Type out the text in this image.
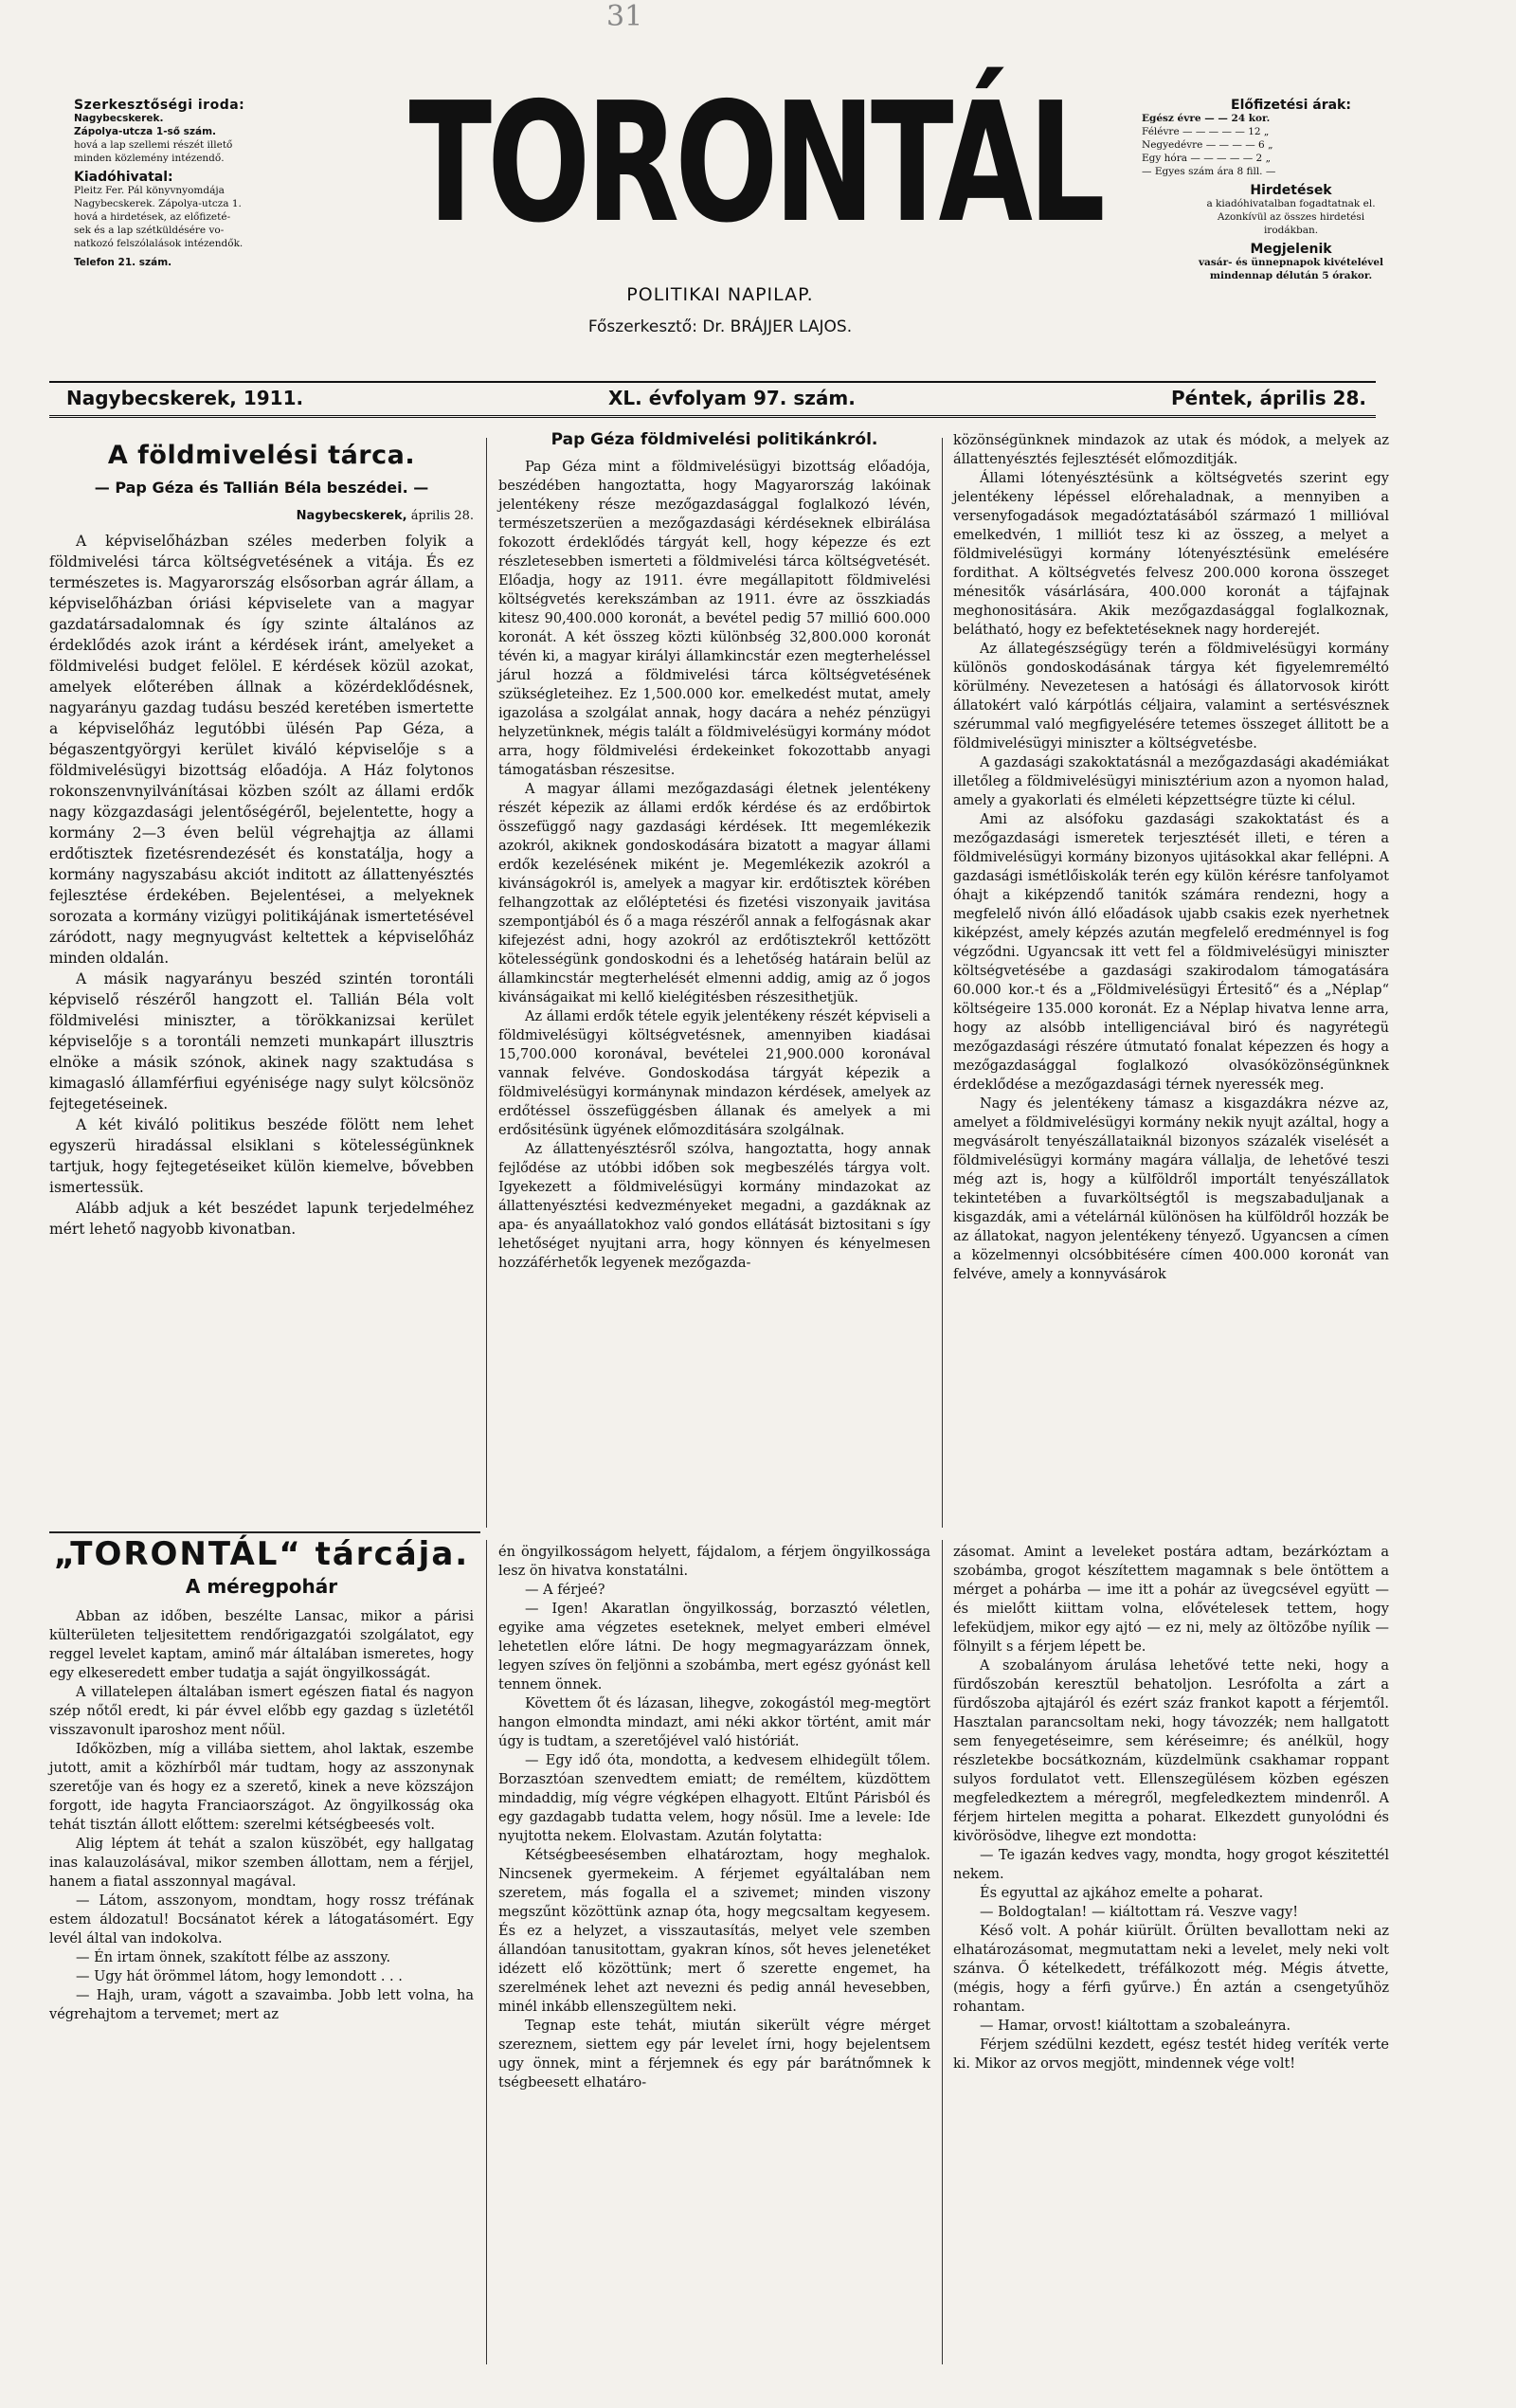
31
Szerkesztőségi iroda:
Nagybecskerek.
Zápolya-utcza 1-ső szám.
hová a lap szellemi részét illető
minden közlemény intézendő.
Kiadóhivatal:
Pleitz Fer. Pál könyvnyomdája
Nagybecskerek. Zápolya-utcza 1.
hová a hirdetések, az előfizeté-
sek és a lap szétküldésére vo-
natkozó felszólalások intézendők.
Telefon 21. szám.
TORONTÁL
POLITIKAI NAPILAP.
Főszerkesztő: Dr. BRÁJJER LAJOS.
Előfizetési árak:
Egész évre — — 24 kor.
Félévre — — — — — 12 „
Negyedévre — — — — 6 „
Egy hóra — — — — — 2 „
— Egyes szám ára 8 fill. —
Hirdetések
a kiadóhivatalban fogadtatnak el.
Azonkívül az összes hirdetési
irodákban.
Megjelenik
vasár- és ünnepnapok kivételével
mindennap délután 5 órakor.
Nagybecskerek, 1911.	XL. évfolyam 97. szám.	Péntek, április 28.
A földmivelési tárca.
— Pap Géza és Tallián Béla beszédei. —
Nagybecskerek, április 28.

A képviselőházban széles mederben folyik a földmivelési tárca költségvetésének a vitája. És ez természetes is. Magyarország elsősorban agrár állam, a képviselőházban óriási képviselete van a magyar gazdatársadalomnak és így szinte általános az érdeklődés azok iránt a kérdések iránt, amelyeket a földmivelési budget felölel. E kérdések közül azokat, amelyek előterében állnak a közérdeklődésnek, nagyarányu gazdag tudásu beszéd keretében ismertette a képviselőház legutóbbi ülésén Pap Géza, a bégaszentgyörgyi kerület kiváló képviselője s a földmivelésügyi bizottság előadója. A Ház folytonos rokonszenvnyilvánításai közben szólt az állami erdők nagy közgazdasági jelentőségéről, bejelentette, hogy a kormány 2—3 éven belül végrehajtja az állami erdőtisztek fizetésrendezését és konstatálja, hogy a kormány nagyszabásu akciót inditott az állattenyésztés fejlesztése érdekében. Bejelentései, a melyeknek sorozata a kormány vizügyi politikájának ismertetésével záródott, nagy megnyugvást keltettek a képviselőház minden oldalán.

A másik nagyarányu beszéd szintén torontáli képviselő részéről hangzott el. Tallián Béla volt földmivelési miniszter, a törökkanizsai kerület képviselője s a torontáli nemzeti munkapárt illusztris elnöke a másik szónok, akinek nagy szaktudása s kimagasló államférfiui egyénisége nagy sulyt kölcsönöz fejtegetéseinek.

A két kiváló politikus beszéde fölött nem lehet egyszerü hiradással elsiklani s kötelességünknek tartjuk, hogy fejtegetéseiket külön kiemelve, bővebben ismertessük.

Alább adjuk a két beszédet lapunk terjedelméhez mért lehető nagyobb kivonatban.

Pap Géza földmivelési politikánkról.

Pap Géza mint a földmivelésügyi bizottság előadója, beszédében hangoztatta, hogy Magyarország lakóinak jelentékeny része mezőgazdasággal foglalkozó lévén, természetszerüen a mezőgazdasági kérdéseknek elbirálása fokozott érdeklődés tárgyát kell, hogy képezze és ezt részletesebben ismerteti a földmivelési tárca költségvetését. Előadja, hogy az 1911. évre megállapitott földmivelési költségvetés kerekszámban az 1911. évre az összkiadás kitesz 90,400.000 koronát, a bevétel pedig 57 millió 600.000 koronát. A két összeg közti különbség 32,800.000 koronát tévén ki, a magyar királyi államkincstár ezen megterheléssel járul hozzá a földmivelési tárca költségvetésének szükségleteihez. Ez 1,500.000 kor. emelkedést mutat, amely igazolása a szolgálat annak, hogy dacára a nehéz pénzügyi helyzetünknek, mégis talált a földmivelésügyi kormány módot arra, hogy földmivelési érdekeinket fokozottabb anyagi támogatásban részesitse.

A magyar állami mezőgazdasági életnek jelentékeny részét képezik az állami erdők kérdése és az erdőbirtok összefüggő nagy gazdasági kérdések. Itt megemlékezik azokról, akiknek gondoskodására bizatott a magyar állami erdők kezelésének miként je. Megemlékezik azokról a kivánságokról is, amelyek a magyar kir. erdőtisztek körében felhangzottak az előléptetési és fizetési viszonyaik javitása szempontjából és ő a maga részéről annak a felfogásnak akar kifejezést adni, hogy azokról az erdőtisztekről kettőzött kötelességünk gondoskodni és a lehetőség határain belül az államkincstár megterhelését elmenni addig, amig az ő jogos kivánságaikat mi kellő kielégitésben részesithetjük.

Az állami erdők tétele egyik jelentékeny részét képviseli a földmivelésügyi költségvetésnek, amennyiben kiadásai 15,700.000 koronával, bevételei 21,900.000 koronával vannak felvéve. Gondoskodása tárgyát képezik a földmivelésügyi kormánynak mindazon kérdések, amelyek az erdőtéssel összefüggésben állanak és amelyek a mi erdősitésünk ügyének előmozditására szolgálnak.

Az állattenyésztésről szólva, hangoztatta, hogy annak fejlődése az utóbbi időben sok megbeszélés tárgya volt. Igyekezett a földmivelésügyi kormány mindazokat az állattenyésztési kedvezményeket megadni, a gazdáknak az apa- és anyaállatokhoz való gondos ellátását biztositani s így lehetőséget nyujtani arra, hogy könnyen és kényelmesen hozzáférhetők legyenek mezőgazda-

közönségünknek mindazok az utak és módok, a melyek az állattenyésztés fejlesztését előmozditják.

Állami lótenyésztésünk a költségvetés szerint egy jelentékeny lépéssel előrehaladnak, a mennyiben a versenyfogadások megadóztatásából származó 1 millióval emelkedvén, 1 milliót tesz ki az összeg, a melyet a földmivelésügyi kormány lótenyésztésünk emelésére fordithat. A költségvetés felvesz 200.000 korona összeget ménesitők vásárlására, 400.000 koronát a tájfajnak meghonositására. Akik mezőgazdasággal foglalkoznak, belátható, hogy ez befektetéseknek nagy horderejét.

Az állategészségügy terén a földmivelésügyi kormány különös gondoskodásának tárgya két figyelemreméltó körülmény. Nevezetesen a hatósági és állatorvosok kirótt állatokért való kárpótlás céljaira, valamint a sertésvésznek szérummal való megfigyelésére tetemes összeget állitott be a földmivelésügyi miniszter a költségvetésbe.

A gazdasági szakoktatásnál a mezőgazdasági akadémiákat illetőleg a földmivelésügyi minisztérium azon a nyomon halad, amely a gyakorlati és elméleti képzettségre tüzte ki célul.

Ami az alsófoku gazdasági szakoktatást és a mezőgazdasági ismeretek terjesztését illeti, e téren a földmivelésügyi kormány bizonyos ujitásokkal akar fellépni. A gazdasági ismétlőiskolák terén egy külön kérésre tanfolyamot óhajt a kiképzendő tanitók számára rendezni, hogy a megfelelő nivón álló előadások ujabb csakis ezek nyerhetnek kiképzést, amely képzés azután megfelelő eredménnyel is fog végződni. Ugyancsak itt vett fel a földmivelésügyi miniszter költségvetésébe a gazdasági szakirodalom támogatására 60.000 kor.-t és a „Földmivelésügyi Értesitő“ és a „Néplap“ költségeire 135.000 koronát. Ez a Néplap hivatva lenne arra, hogy az alsóbb intelligenciával biró és nagyrétegü mezőgazdasági részére útmutató fonalat képezzen és hogy a mezőgazdasággal foglalkozó olvasóközönségünknek érdeklődése a mezőgazdasági térnek nyeressék meg.

Nagy és jelentékeny támasz a kisgazdákra nézve az, amelyet a földmivelésügyi kormány nekik nyujt azáltal, hogy a megvásárolt tenyészállataiknál bizonyos százalék viselését a földmivelésügyi kormány magára vállalja, de lehetővé teszi még azt is, hogy a külföldről importált tenyészállatok tekintetében a fuvarköltségtől is megszabaduljanak a kisgazdák, ami a vételárnál különösen ha külföldről hozzák be az állatokat, nagyon jelentékeny tényező. Ugyancsen a címen a közelmennyi olcsóbbitésére címen 400.000 koronát van felvéve, amely a konnyvásárok

„TORONTÁL“ tárcája.
A méregpohár

Abban az időben, beszélte Lansac, mikor a párisi külterületen teljesitettem rendőrigazgatói szolgálatot, egy reggel levelet kaptam, aminő már általában ismeretes, hogy egy elkeseredett ember tudatja a saját öngyilkosságát.

A villatelepen általában ismert egészen fiatal és nagyon szép nőtől eredt, ki pár évvel előbb egy gazdag s üzletétől visszavonult iparoshoz ment nőül.

Időközben, míg a villába siettem, ahol laktak, eszembe jutott, amit a közhírből már tudtam, hogy az asszonynak szeretője van és hogy ez a szerető, kinek a neve közszájon forgott, ide hagyta Franciaországot. Az öngyilkosság oka tehát tisztán állott előttem: szerelmi kétségbeesés volt.

Alig léptem át tehát a szalon küszöbét, egy hallgatag inas kalauzolásával, mikor szemben állottam, nem a férjjel, hanem a fiatal asszonnyal magával.

— Látom, asszonyom, mondtam, hogy rossz tréfának estem áldozatul! Bocsánatot kérek a látogatásomért. Egy levél által van indokolva.

— Én irtam önnek, szakított félbe az asszony.

— Ugy hát örömmel látom, hogy lemondott . . .

— Hajh, uram, vágott a szavaimba. Jobb lett volna, ha végrehajtom a tervemet; mert az

én öngyilkosságom helyett, fájdalom, a férjem öngyilkossága lesz ön hivatva konstatálni.

— A férjeé?

— Igen! Akaratlan öngyilkosság, borzasztó véletlen, egyike ama végzetes eseteknek, melyet emberi elmével lehetetlen előre látni. De hogy megmagyarázzam önnek, legyen szíves ön feljönni a szobámba, mert egész gyónást kell tennem önnek.

Követtem őt és lázasan, lihegve, zokogástól meg-megtört hangon elmondta mindazt, ami néki akkor történt, amit már úgy is tudtam, a szeretőjével való históriát.

— Egy idő óta, mondotta, a kedvesem elhidegült tőlem. Borzasztóan szenvedtem emiatt; de reméltem, küzdöttem mindaddig, míg végre végképen elhagyott. Eltűnt Párisból és egy gazdagabb tudatta velem, hogy nősül. Ime a levele: Ide nyujtotta nekem. Elolvastam. Azután folytatta:

Kétségbeesésemben elhatároztam, hogy meghalok. Nincsenek gyermekeim. A férjemet egyáltalában nem szeretem, más fogalla el a szivemet; minden viszony megszűnt közöttünk aznap óta, hogy megcsaltam kegyesem. És ez a helyzet, a visszautasítás, melyet vele szemben állandóan tanusitottam, gyakran kínos, sőt heves jelenetéket idézett elő közöttünk; mert ő szerette engemet, ha szerelmének lehet azt nevezni és pedig annál hevesebben, minél inkább ellenszegültem neki.

Tegnap este tehát, miután sikerült végre mérget szereznem, siettem egy pár levelet írni, hogy bejelentsem ugy önnek, mint a férjemnek és egy pár barátnőmnek k tségbeesett elhatáro-

zásomat. Amint a leveleket postára adtam, bezárkóztam a szobámba, grogot készítettem magamnak s bele öntöttem a mérget a pohárba — ime itt a pohár az üvegcsével együtt — és mielőtt kiittam volna, elővételesek tettem, hogy lefeküdjem, mikor egy ajtó — ez ni, mely az öltözőbe nyílik — fölnyilt s a férjem lépett be.

A szobalányom árulása lehetővé tette neki, hogy a fürdőszobán keresztül behatoljon. Lesrófolta a zárt a fürdőszoba ajtajáról és ezért száz frankot kapott a férjemtől. Hasztalan parancsoltam neki, hogy távozzék; nem hallgatott sem fenyegetéseimre, sem kéréseimre; és anélkül, hogy részletekbe bocsátkoznám, küzdelmünk csakhamar roppant sulyos fordulatot vett. Ellenszegülésem közben egészen megfeledkeztem a méregről, megfeledkeztem mindenről. A férjem hirtelen megitta a poharat. Elkezdett gunyolódni és kivörösödve, lihegve ezt mondotta:

— Te igazán kedves vagy, mondta, hogy grogot készitettél nekem.

És egyuttal az ajkához emelte a poharat.

— Boldogtalan! — kiáltottam rá. Veszve vagy!

Késő volt. A pohár kiürült. Őrülten bevallottam neki az elhatározásomat, megmutattam neki a levelet, mely neki volt szánva. Ő kételkedett, tréfálkozott még. Mégis átvette, (mégis, hogy a férfi gyűrve.) Én aztán a csengetyűhöz rohantam.

— Hamar, orvost! kiáltottam a szobaleányra.

Férjem szédülni kezdett, egész testét hideg veríték verte ki. Mikor az orvos megjött, mindennek vége volt!
